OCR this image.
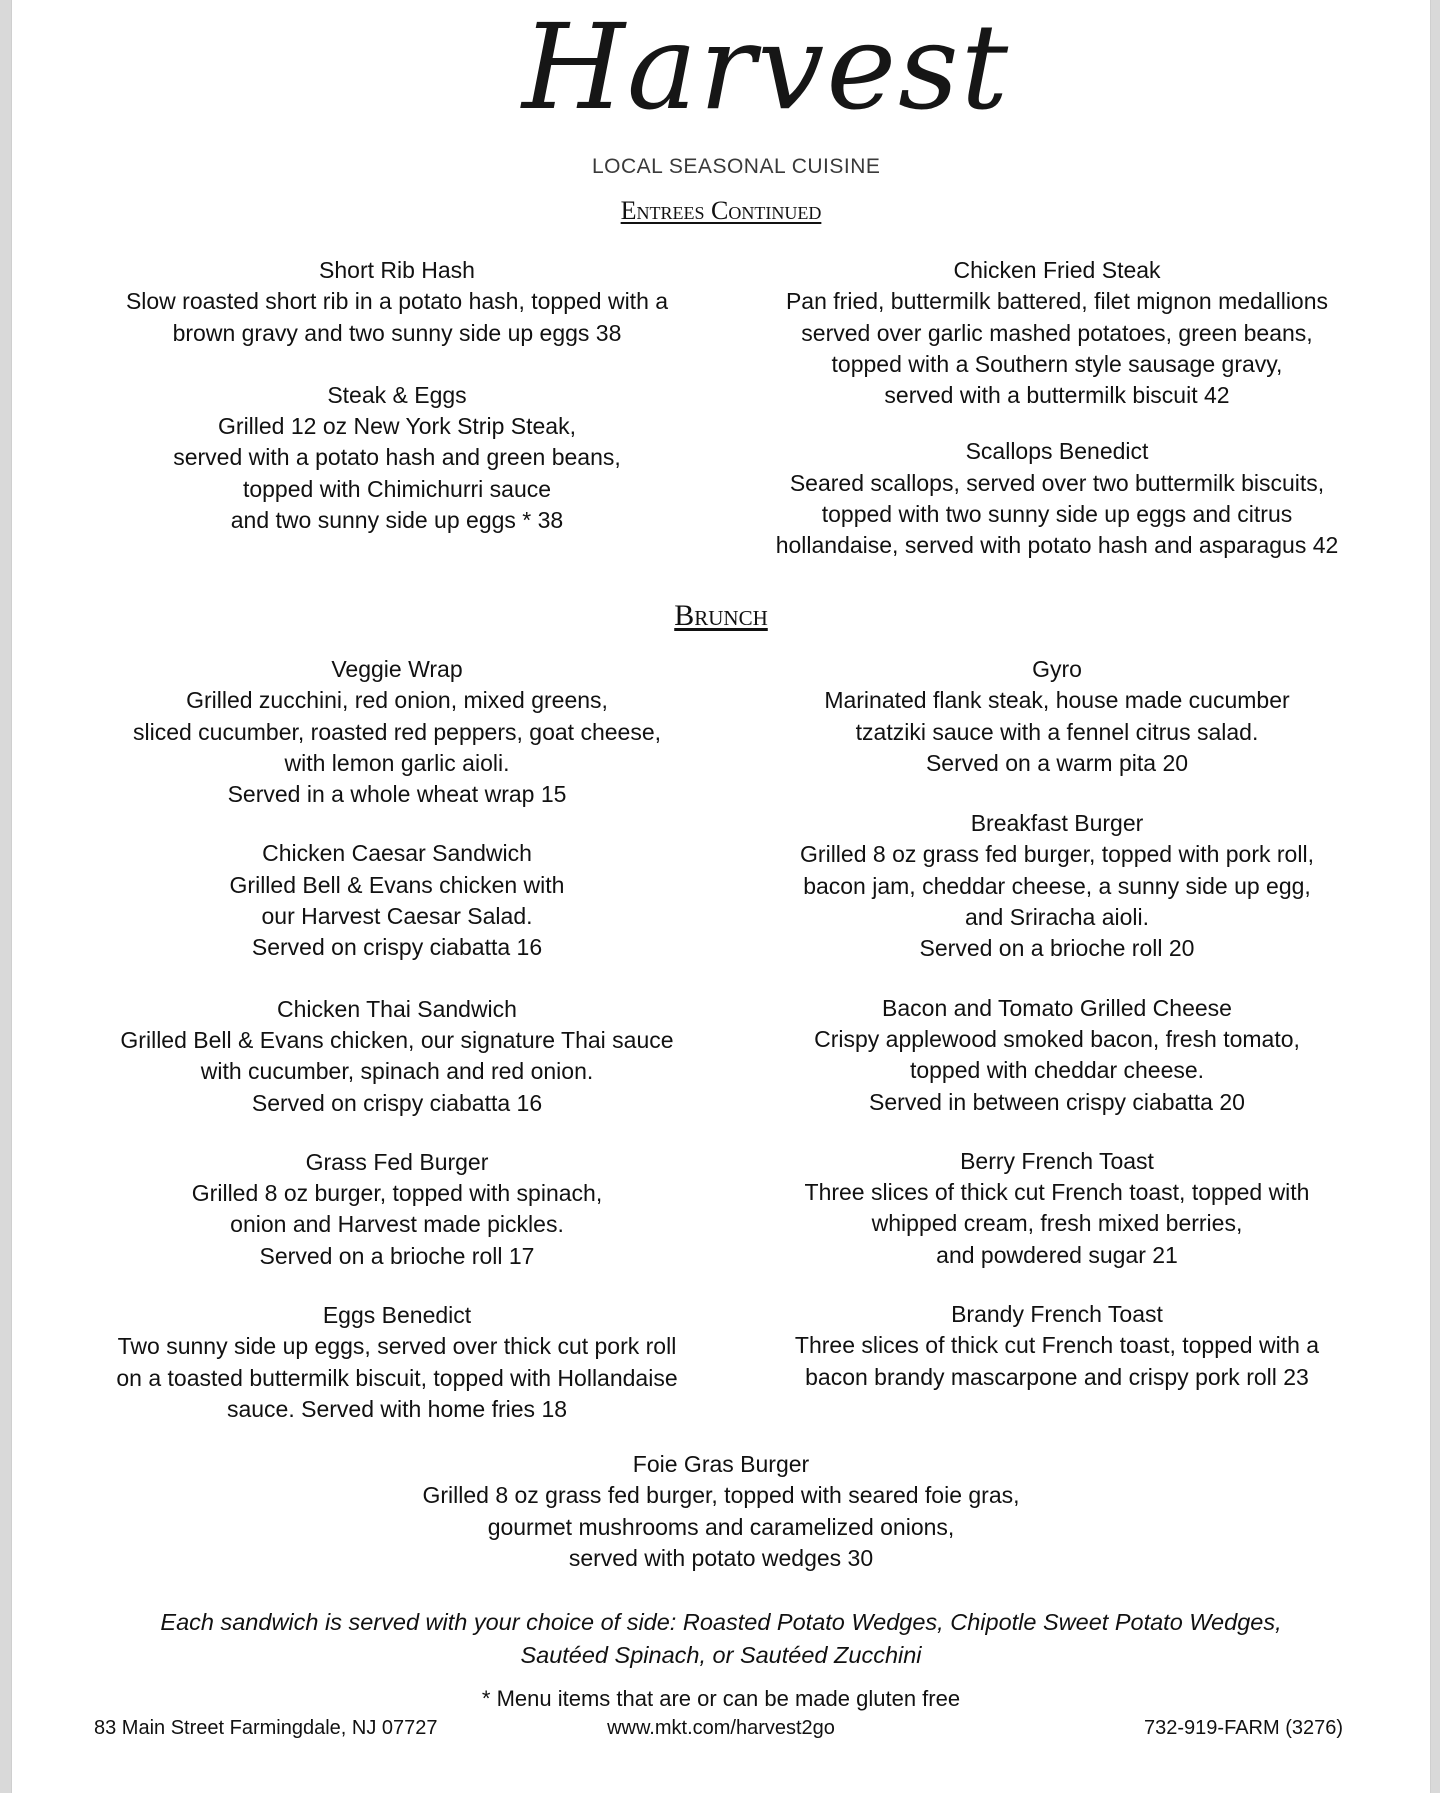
Harvest
LOCAL SEASONAL CUISINE
Entrees Continued
Short Rib Hash
Slow roasted short rib in a potato hash, topped with a
brown gravy and two sunny side up eggs 38
Steak & Eggs
Grilled 12 oz New York Strip Steak,
served with a potato hash and green beans,
topped with Chimichurri sauce
and two sunny side up eggs * 38
Chicken Fried Steak
Pan fried, buttermilk battered, filet mignon medallions
served over garlic mashed potatoes, green beans,
topped with a Southern style sausage gravy,
served with a buttermilk biscuit 42
Scallops Benedict
Seared scallops, served over two buttermilk biscuits,
topped with two sunny side up eggs and citrus
hollandaise, served with potato hash and asparagus 42
Brunch
Veggie Wrap
Grilled zucchini, red onion, mixed greens,
sliced cucumber, roasted red peppers, goat cheese,
with lemon garlic aioli.
Served in a whole wheat wrap 15
Chicken Caesar Sandwich
Grilled Bell & Evans chicken with
our Harvest Caesar Salad.
Served on crispy ciabatta 16
Chicken Thai Sandwich
Grilled Bell & Evans chicken, our signature Thai sauce
with cucumber, spinach and red onion.
Served on crispy ciabatta 16
Grass Fed Burger
Grilled 8 oz burger, topped with spinach,
onion and Harvest made pickles.
Served on a brioche roll 17
Eggs Benedict
Two sunny side up eggs, served over thick cut pork roll
on a toasted buttermilk biscuit, topped with Hollandaise
sauce. Served with home fries 18
Gyro
Marinated flank steak, house made cucumber
tzatziki sauce with a fennel citrus salad.
Served on a warm pita 20
Breakfast Burger
Grilled 8 oz grass fed burger, topped with pork roll,
bacon jam, cheddar cheese, a sunny side up egg,
and Sriracha aioli.
Served on a brioche roll 20
Bacon and Tomato Grilled Cheese
Crispy applewood smoked bacon, fresh tomato,
topped with cheddar cheese.
Served in between crispy ciabatta 20
Berry French Toast
Three slices of thick cut French toast, topped with
whipped cream, fresh mixed berries,
and powdered sugar 21
Brandy French Toast
Three slices of thick cut French toast, topped with a
bacon brandy mascarpone and crispy pork roll 23
Foie Gras Burger
Grilled 8 oz grass fed burger, topped with seared foie gras,
gourmet mushrooms and caramelized onions,
served with potato wedges 30
Each sandwich is served with your choice of side: Roasted Potato Wedges, Chipotle Sweet Potato Wedges,
Sautéed Spinach, or Sautéed Zucchini
* Menu items that are or can be made gluten free
83 Main Street Farmingdale, NJ 07727	www.mkt.com/harvest2go	732-919-FARM (3276)
